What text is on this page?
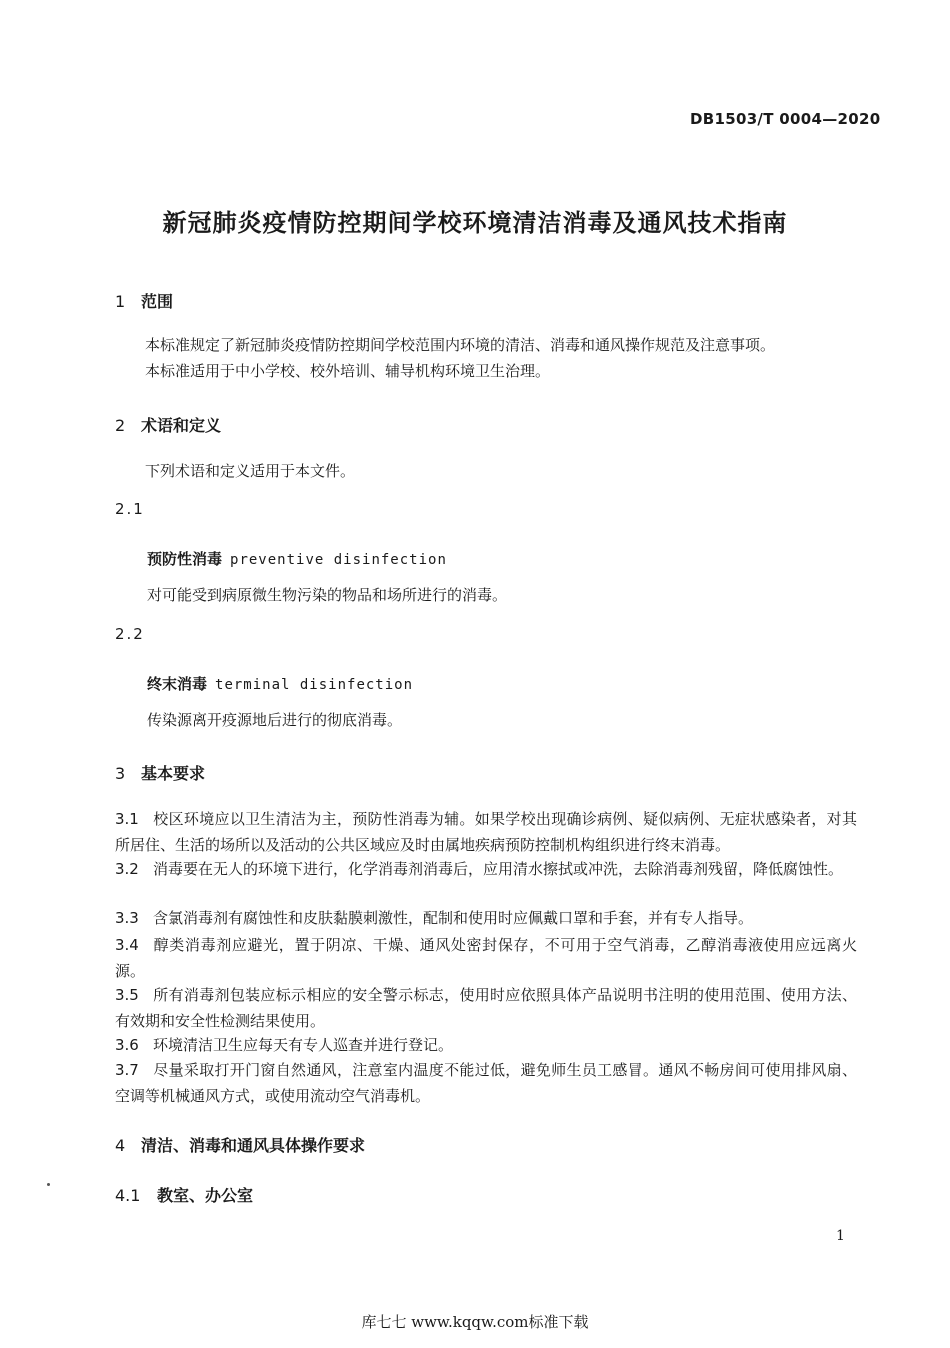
DB1503/T 0004—2020
新冠肺炎疫情防控期间学校环境清洁消毒及通风技术指南
1 范围
本标准规定了新冠肺炎疫情防控期间学校范围内环境的清洁、消毒和通风操作规范及注意事项。
本标准适用于中小学校、校外培训、辅导机构环境卫生治理。
2 术语和定义
下列术语和定义适用于本文件。
2.1
预防性消毒 preventive disinfection
对可能受到病原微生物污染的物品和场所进行的消毒。
2.2
终末消毒 terminal disinfection
传染源离开疫源地后进行的彻底消毒。
3 基本要求
3.1 校区环境应以卫生清洁为主，预防性消毒为辅。如果学校出现确诊病例、疑似病例、无症状感染者，对其所居住、生活的场所以及活动的公共区域应及时由属地疾病预防控制机构组织进行终末消毒。
3.2 消毒要在无人的环境下进行，化学消毒剂消毒后，应用清水擦拭或冲洗，去除消毒剂残留，降低腐蚀性。
3.3 含氯消毒剂有腐蚀性和皮肤黏膜刺激性，配制和使用时应佩戴口罩和手套，并有专人指导。
3.4 醇类消毒剂应避光，置于阴凉、干燥、通风处密封保存，不可用于空气消毒，乙醇消毒液使用应远离火源。
3.5 所有消毒剂包装应标示相应的安全警示标志，使用时应依照具体产品说明书注明的使用范围、使用方法、有效期和安全性检测结果使用。
3.6 环境清洁卫生应每天有专人巡查并进行登记。
3.7 尽量采取打开门窗自然通风，注意室内温度不能过低，避免师生员工感冒。通风不畅房间可使用排风扇、空调等机械通风方式，或使用流动空气消毒机。
4 清洁、消毒和通风具体操作要求
4.1 教室、办公室
1
库七七 www.kqqw.com标准下载
